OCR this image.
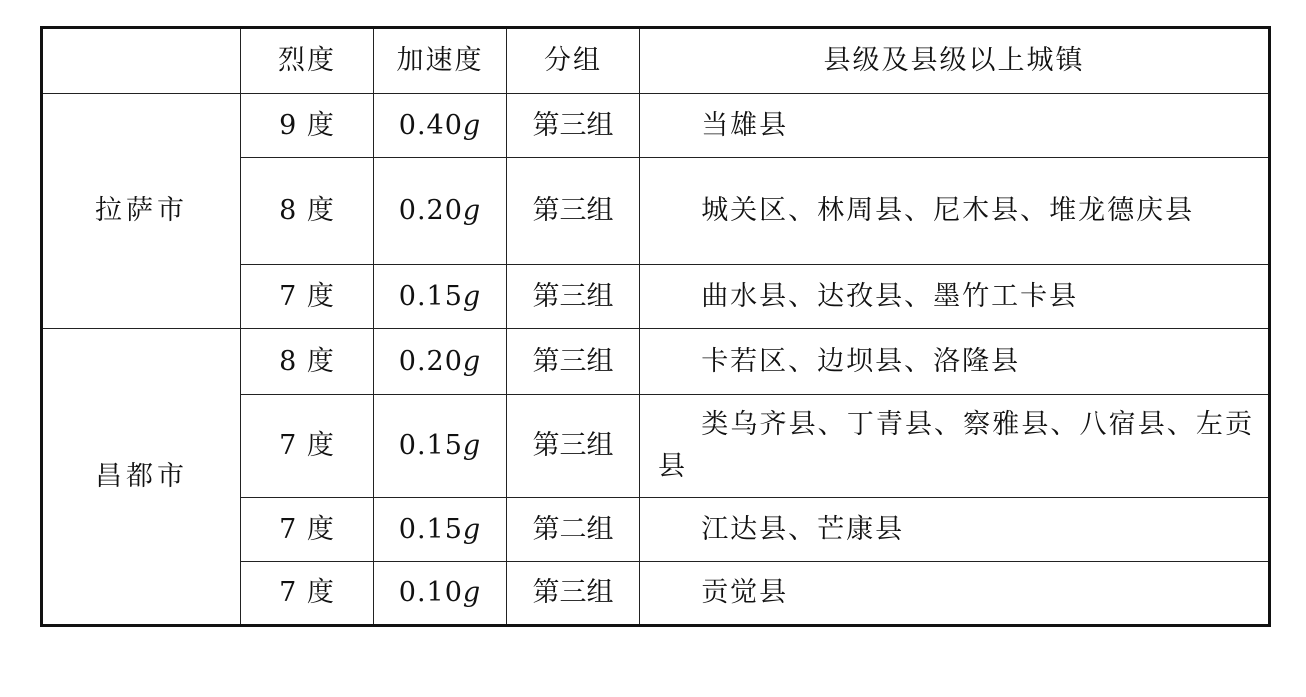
	烈度	加速度	分组	县级及县级以上城镇
拉萨市	9 度	0.40g	第三组	当雄县
	8 度	0.20g	第三组	城关区、林周县、尼木县、堆龙德庆县
	7 度	0.15g	第三组	曲水县、达孜县、墨竹工卡县
昌都市	8 度	0.20g	第三组	卡若区、边坝县、洛隆县
	7 度	0.15g	第三组	类乌齐县、丁青县、察雅县、八宿县、左贡县
	7 度	0.15g	第二组	江达县、芒康县
	7 度	0.10g	第三组	贡觉县
